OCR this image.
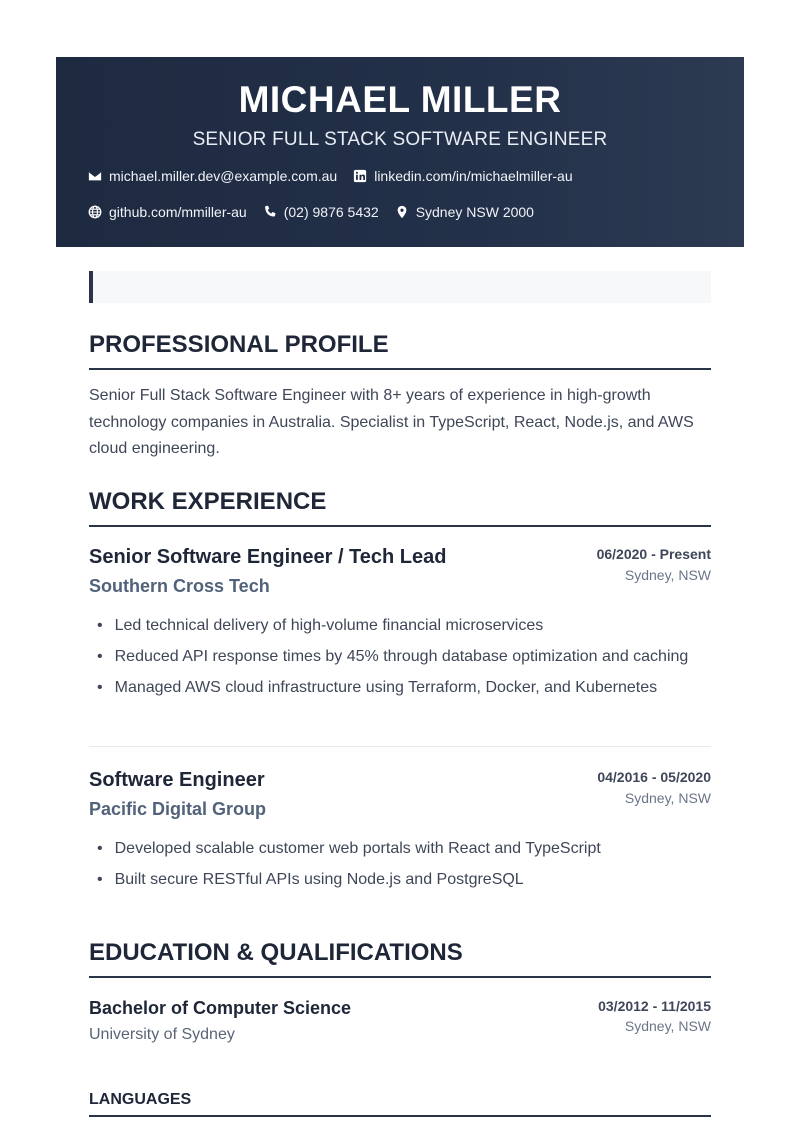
MICHAEL MILLER
SENIOR FULL STACK SOFTWARE ENGINEER
michael.miller.dev@example.com.au	linkedin.com/in/michaelmiller-au
github.com/mmiller-au	(02) 9876 5432	Sydney NSW 2000
PROFESSIONAL PROFILE
Senior Full Stack Software Engineer with 8+ years of experience in high-growth technology companies in Australia. Specialist in TypeScript, React, Node.js, and AWS cloud engineering.
WORK EXPERIENCE
Senior Software Engineer / Tech Lead
Southern Cross Tech
06/2020 - Present
Sydney, NSW
• Led technical delivery of high-volume financial microservices
• Reduced API response times by 45% through database optimization and caching
• Managed AWS cloud infrastructure using Terraform, Docker, and Kubernetes
Software Engineer
Pacific Digital Group
04/2016 - 05/2020
Sydney, NSW
• Developed scalable customer web portals with React and TypeScript
• Built secure RESTful APIs using Node.js and PostgreSQL
EDUCATION & QUALIFICATIONS
Bachelor of Computer Science
University of Sydney
03/2012 - 11/2015
Sydney, NSW
LANGUAGES
